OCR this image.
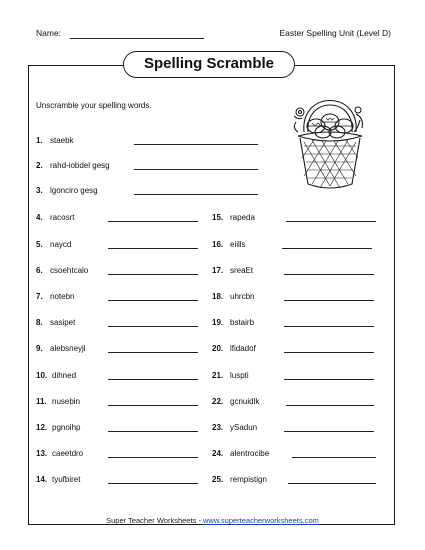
Name:	Easter Spelling Unit (Level D)
Spelling Scramble
Unscramble your spelling words.
1. staebk
2. rahd-iobdel gesg
3. lgonciro gesg
4. racosrt
5. naycd
6. csoehtcalo
7. notebn
8. sasipet
9. alebsneyjl
10. dihned
11. nusebin
12. pgnoihp
13. caeetdro
14. tyufbiret
15. rapeda
16. eiills
17. sreaEt
18. uhrcbn
19. bstairb
20. lfidadof
21. luspti
22. gcnuidlk
23. ySadun
24. alentrocibe
25. rempistign
Super Teacher Worksheets - www.superteacherworksheets.com
